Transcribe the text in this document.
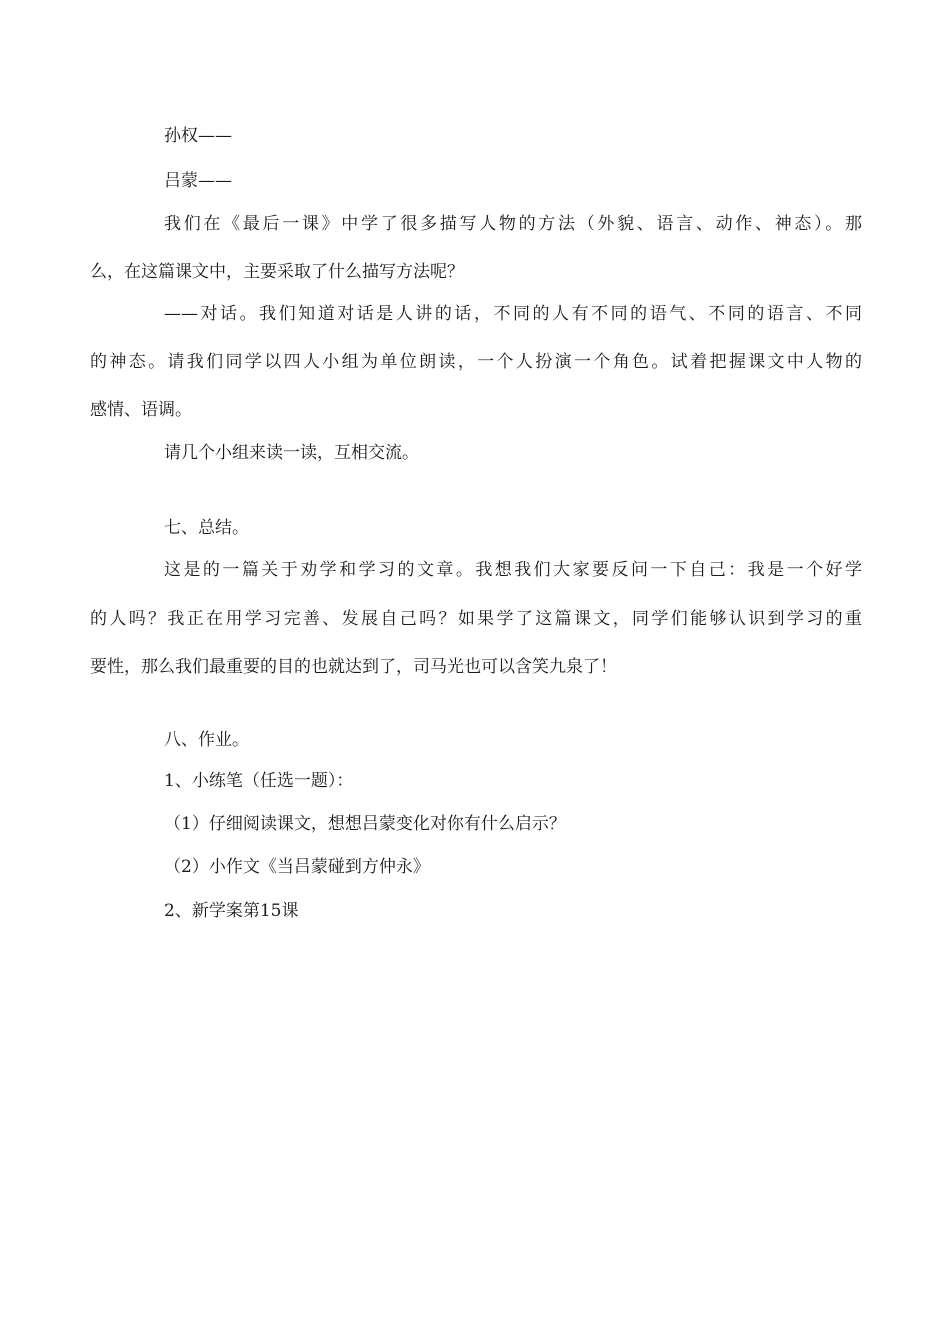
孙权——
吕蒙——
我们在《最后一课》中学了很多描写人物的方法（外貌、语言、动作、神态）。那
么，在这篇课文中，主要采取了什么描写方法呢？
——对话。我们知道对话是人讲的话，不同的人有不同的语气、不同的语言、不同
的神态。请我们同学以四人小组为单位朗读，一个人扮演一个角色。试着把握课文中人物的
感情、语调。
请几个小组来读一读，互相交流。
七、总结。
这是的一篇关于劝学和学习的文章。我想我们大家要反问一下自己：我是一个好学
的人吗？我正在用学习完善、发展自己吗？如果学了这篇课文，同学们能够认识到学习的重
要性，那么我们最重要的目的也就达到了，司马光也可以含笑九泉了！
八、作业。
1、小练笔（任选一题）：
（1）仔细阅读课文，想想吕蒙变化对你有什么启示？
（2）小作文《当吕蒙碰到方仲永》
2、新学案第15课
